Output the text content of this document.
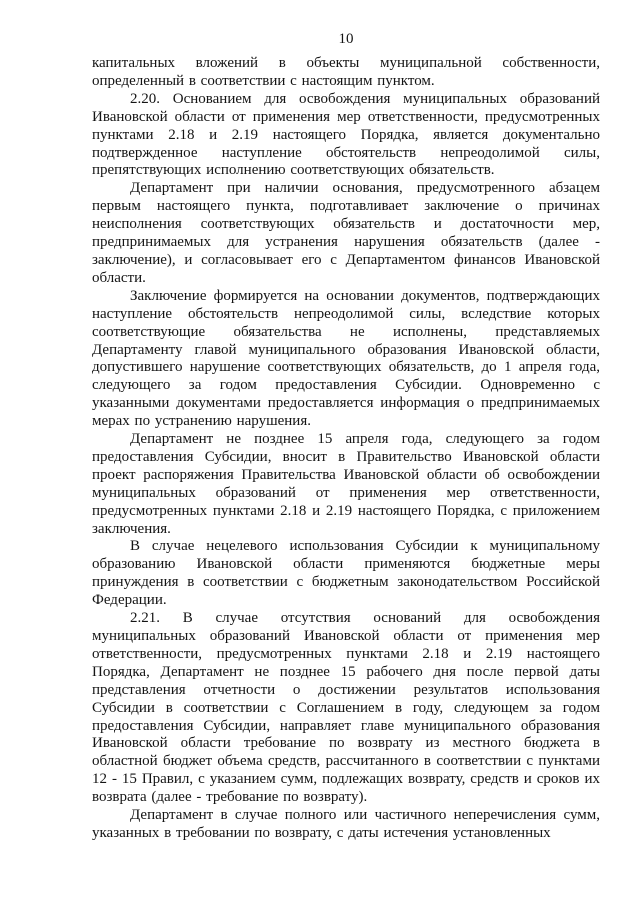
10

капитальных вложений в объекты муниципальной собственности, определенный в соответствии с настоящим пунктом.

2.20. Основанием для освобождения муниципальных образований Ивановской области от применения мер ответственности, предусмотренных пунктами 2.18 и 2.19 настоящего Порядка, является документально подтвержденное наступление обстоятельств непреодолимой силы, препятствующих исполнению соответствующих обязательств.

Департамент при наличии основания, предусмотренного абзацем первым настоящего пункта, подготавливает заключение о причинах неисполнения соответствующих обязательств и достаточности мер, предпринимаемых для устранения нарушения обязательств (далее - заключение), и согласовывает его с Департаментом финансов Ивановской области.

Заключение формируется на основании документов, подтверждающих наступление обстоятельств непреодолимой силы, вследствие которых соответствующие обязательства не исполнены, представляемых Департаменту главой муниципального образования Ивановской области, допустившего нарушение соответствующих обязательств, до 1 апреля года, следующего за годом предоставления Субсидии. Одновременно с указанными документами предоставляется информация о предпринимаемых мерах по устранению нарушения.

Департамент не позднее 15 апреля года, следующего за годом предоставления Субсидии, вносит в Правительство Ивановской области проект распоряжения Правительства Ивановской области об освобождении муниципальных образований от применения мер ответственности, предусмотренных пунктами 2.18 и 2.19 настоящего Порядка, с приложением заключения.

В случае нецелевого использования Субсидии к муниципальному образованию Ивановской области применяются бюджетные меры принуждения в соответствии с бюджетным законодательством Российской Федерации.

2.21. В случае отсутствия оснований для освобождения муниципальных образований Ивановской области от применения мер ответственности, предусмотренных пунктами 2.18 и 2.19 настоящего Порядка, Департамент не позднее 15 рабочего дня после первой даты представления отчетности о достижении результатов использования Субсидии в соответствии с Соглашением в году, следующем за годом предоставления Субсидии, направляет главе муниципального образования Ивановской области требование по возврату из местного бюджета в областной бюджет объема средств, рассчитанного в соответствии с пунктами 12 - 15 Правил, с указанием сумм, подлежащих возврату, средств и сроков их возврата (далее - требование по возврату).

Департамент в случае полного или частичного неперечисления сумм, указанных в требовании по возврату, с даты истечения установленных
